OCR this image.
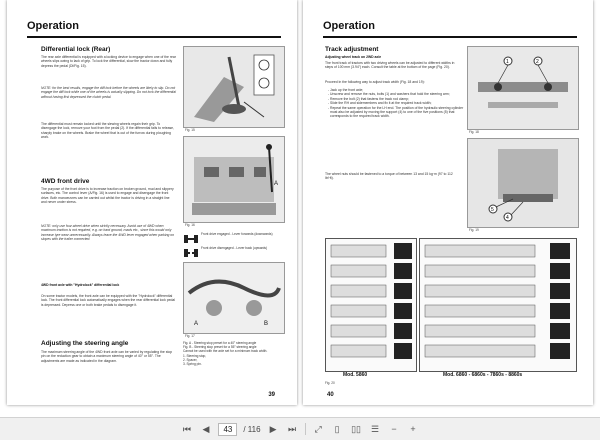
Operation
Differential lock (Rear)
The rear axle differential is equipped with a locking device to engage when one of the rear wheels slips owing to lack of grip. To lock the differential, slow the tractor down and fully depress the pedal (Dl/Fig. 15).
NOTE: for the best results, engage the diff.lock before the wheels are likely to slip. Do not engage the diff.lock while one of the wheels is actually slipping. Do not lock the differential without having first depressed the clutch pedal.
The differential must remain locked until the slewing wheels regain their grip. To disengage the lock, remove your foot from the pedal (2). If the differential fails to release, sharply brake on the wheels. Brake the wheel that is out of the furrow during ploughing work.
4WD front drive
The purpose of the front drive is to increase traction on broken ground, mud and slippery surfaces, etc. The control lever (A/Fig. 16) is used to engage and disengage the front drive. Both manoeuvres can be carried out whilst the tractor is driving in a straight line and never under stress.
NOTE: only use four-wheel drive when strictly necessary. Avoid use of 4WD when maximum traction is not required, e.g. on hard ground, roads etc., since this would only increase tyre wear unnecessarily. Always leave the 4WD lever engaged when parking on slopes with the trailer connected.
4WD front axle with "Hydrolock" differential lock
On some tractor models, the front axle can be equipped with the "Hydrolock" differential lock. The front differential lock automatically engages when the rear differential lock pedal is depressed. Depress one or both brake pedals to disengage it.
Adjusting the steering angle
The maximum steering angle of the 4WD front axle can be varied by regulating the stop pin on the reduction gear to obtain a maximum steering angle of 40° or 55°. The adjustments are made as indicated in the diagram.
Fig. 15
A
Fig. 16
Front drive engaged - Lever forwards (downwards)
Front drive disengaged - Lever back (upwards)
A	B
Fig. 17
Fig. A - Steering stop preset for a 40° steering angle
Fig. B - Steering stop preset for a 55° steering angle
Cannot be used with the axle set for a minimum track width.
1. Steering stop,
2. Spacer,
3. Spring pin.
39
Operation
Track adjustment
Adjusting wheel track on 2WD axle
The front track of tractors with two driving wheels can be adjusted to different widths in steps of 100 mm (3.94") each. Consult the table at the bottom of the page (Fig. 20).
Proceed in the following way to adjust track width (Fig. 18 and 19):
- Jack up the front axle;
- Unscrew and remove the nuts, bolts (1) and washers that hold the steering arm;
- Remove the bolt (2) that fastens the track rod clamp;
- Slide the RH and sidemembers and fix it at the required track width;
- Repeat the same operation for the LH end. The position of the hydraulic steering cylinder must also be adjusted by moving the support (4) to one of the five positions (5) that corresponds to the required track width.
The wheel nuts should be fastened to a torque of between 13 and 15 kg·m (97 to 112 lbf·ft).
1	2
Fig. 18
5
4
Fig. 19
Mod. 5860	Mod. 6860 - 6860s - 7860s - 8860s
Fig. 20
40
⏮	◀	43	/ 116	▶	⏭	⤢	▯	▯▯ ☰	−	+
